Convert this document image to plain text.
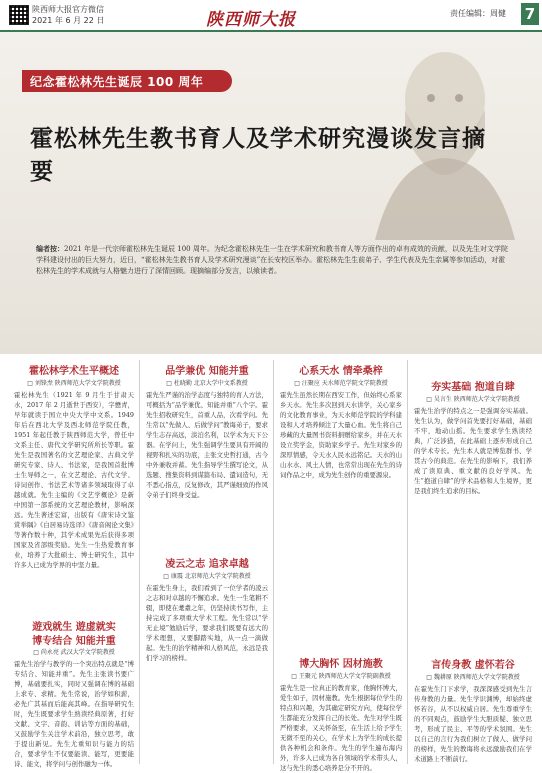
陕西师大报官方微信
2021 年 6 月 22 日	陕西师大报	责任编辑：周健 7
纪念霍松林先生诞辰 100 周年
霍松林先生教书育人及学术研究漫谈发言摘要
编者按：2021 年是一代宗师霍松林先生诞辰 100 周年。为纪念霍松林先生一生在学术研究和教书育人等方面作出的卓有成效的贡献，以及先生对文学院学科建设付出的巨大努力，近日，“霍松林先生教书育人及学术研究漫谈”在长安校区举办。霍松林先生生前弟子、学生代表及先生亲属等参加活动，对霍松林先生的学术成就与人格魅力进行了深情回顾。现摘编部分发言，以飨读者。
霍松林学术生平概述
□ 刘锋焘 陕西师范大学文学院教授
霍松林先生（1921 年 9 月生于甘肃天水，2017 年 2 月逝世于西安），字懋青，早年就读于国立中央大学中文系。1949 年后在西北大学及西北师范学院任教，1951 年起任教于陕西师范大学，曾任中文系主任、唐代文学研究所所长等职。霍先生是我国著名的文艺理论家、古典文学研究专家、诗人、书法家，是我国首批博士生导师之一，在文艺理论、古代文学、诗词创作、书法艺术等诸多领域取得了卓越成就。先生主编的《文艺学概论》是新中国第一部系统的文艺理论教材，影响深远。先生著述宏富，出版有《唐宋诗文鉴赏举隅》《白居易诗选译》《唐音阁论文集》等著作数十种，其学术成果先后获得多项国家及省部级奖励。先生一生热爱教育事业，培养了大批硕士、博士研究生，其中许多人已成为学界的中坚力量。
遊戏就生 遊虚就实
博专结合 知能并重
□ 尚永亮 武汉大学文学院教授
霍先生治学与教学的一个突出特点就是“博专结合、知能并重”。先生主张读书要广博，基础要扎实，同时又强调在博的基础上求专、求精。先生常说，治学如积薪，必先广其基而后能高其峰。在指导研究生时，先生既要求学生熟读经典原著，打好文献、文字、音韵、训诂等方面的基础，又鼓励学生关注学术前沿，独立思考，敢于提出新见。先生尤重知识与能力的结合，要求学生不仅要能读、能写，更要能诗、能文，将学问与创作融为一体。
品学兼优 知能并重
□ 杜晓勤 北京大学中文系教授
霍先生严谨的治学态度与独特的育人方法，可概括为“品学兼优、知能并重”八个字。霍先生招收研究生，首重人品，次看学问。先生常以“先做人、后做学问”教诲弟子，要求学生志存高远，淡泊名利，以学术为天下公器。在学问上，先生强调学生要具有开阔的视野和扎实的功底，主张文史哲打通，古今中外兼收并蓄。先生指导学生撰写论文，从选题、搜集资料到谋篇布局、遣词造句，无不悉心指点，反复修改，其严谨细致的作风令弟子们终身受益。
凌云之志 追求卓越
□ 康震 北京师范大学文学院教授
在霍先生身上，我们看到了一位学者的凌云之志和对卓越的不懈追求。先生一生笔耕不辍，即使在耄耋之年，仍坚持读书写作，主持完成了多项重大学术工程。先生常以“学无止境”勉励后学，要求我们既要有远大的学术理想，又要脚踏实地，从一点一滴做起。先生的治学精神和人格风范，永远是我们学习的榜样。
心系天水 情牵桑梓
□ 汪聚应 天水师范学院文学院教授
霍先生虽然长期在西安工作，但始终心系家乡天水。先生多次回到天水讲学，关心家乡的文化教育事业，为天水师范学院的学科建设和人才培养倾注了大量心血。先生将自己珍藏的大量图书资料捐赠给家乡，并在天水设立奖学金，资助家乡学子。先生对家乡的深厚情感，令天水人民永远铭记。天水的山山水水、风土人情，也常常出现在先生的诗词作品之中，成为先生创作的重要源泉。
博大胸怀 因材施教
□ 王聚元 陕西师范大学文学院副教授
霍先生是一位真正的教育家，他胸怀博大，爱生如子，因材施教。先生根据每位学生的特点和兴趣，为其确定研究方向，使每位学生都能充分发挥自己的长处。先生对学生既严格要求，又关怀备至，在生活上给予学生无微不至的关心，在学术上为学生的成长提供各种机会和条件。先生的学生遍布海内外，许多人已成为各自领域的学术带头人，这与先生的悉心培养是分不开的。
夯实基础 抱道自肆
□ 吴言生 陕西师范大学文学院教授
霍先生治学的特点之一是强调夯实基础。先生认为，做学问首先要打好基础，基础不牢，地动山摇。先生要求学生熟读经典，广泛涉猎，在此基础上逐步形成自己的学术专长。先生本人就是博览群书、学贯古今的典范。在先生的影响下，我们养成了读原典、重文献的良好学风。先生“抱道自肆”的学术品格和人生境界，更是我们终生追求的目标。
言传身教 虚怀若谷
□ 魏耕原 陕西师范大学文学院教授
在霍先生门下求学，我深深感受到先生言传身教的力量。先生学识渊博，却始终虚怀若谷，从不以权威自居。先生尊重学生的不同观点，鼓励学生大胆质疑、独立思考，形成了民主、平等的学术氛围。先生以自己的言行为我们树立了做人、做学问的榜样，先生的教诲将永远激励我们在学术道路上不断前行。
